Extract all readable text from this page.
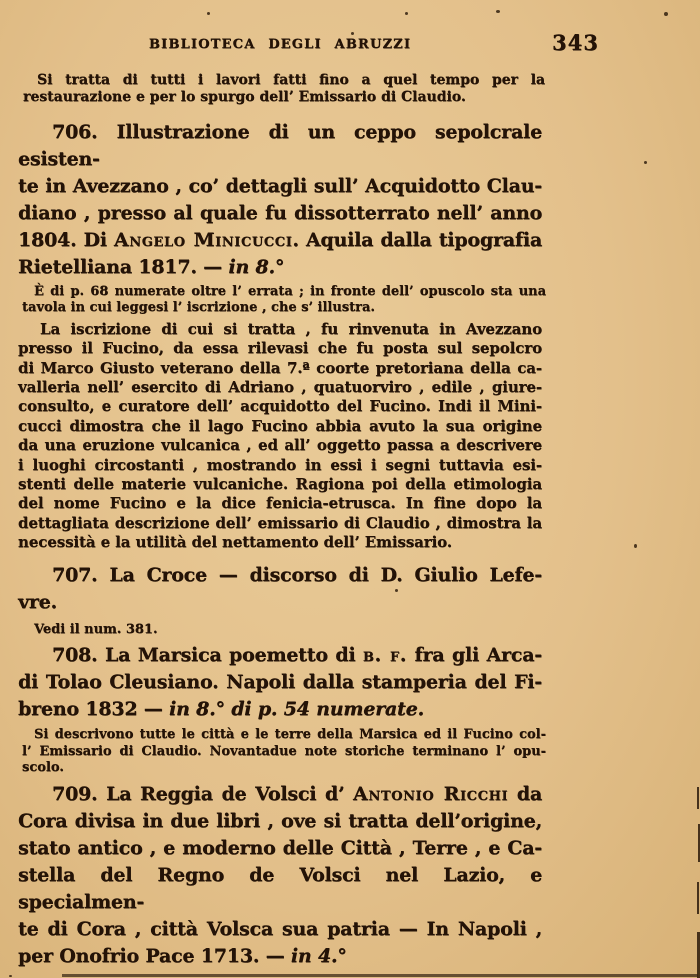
BIBLIOTECA DEGLI ABRUZZI	343
Si tratta di tutti i lavori fatti fino a quel tempo per la
restaurazione e per lo spurgo dell’ Emissario di Claudio.
706. Illustrazione di un ceppo sepolcrale esisten-
te in Avezzano , co’ dettagli sull’ Acquidotto Clau-
diano , presso al quale fu dissotterrato nell’ anno
1804. Di Angelo Minicucci. Aquila dalla tipografia
Rietelliana 1817. — in 8.°
È di p. 68 numerate oltre l’ errata ; in fronte dell’ opuscolo sta una
tavola in cui leggesi l’ iscrizione , che s’ illustra.
La iscrizione di cui si tratta , fu rinvenuta in Avezzano
presso il Fucino, da essa rilevasi che fu posta sul sepolcro
di Marco Giusto veterano della 7.ª coorte pretoriana della ca-
valleria nell’ esercito di Adriano , quatuorviro , edile , giure-
consulto, e curatore dell’ acquidotto del Fucino. Indi il Mini-
cucci dimostra che il lago Fucino abbia avuto la sua origine
da una eruzione vulcanica , ed all’ oggetto passa a descrivere
i luoghi circostanti , mostrando in essi i segni tuttavia esi-
stenti delle materie vulcaniche. Ragiona poi della etimologia
del nome Fucino e la dice fenicia-etrusca. In fine dopo la
dettagliata descrizione dell’ emissario di Claudio , dimostra la
necessità e la utilità del nettamento dell’ Emissario.
707. La Croce — discorso di D. Giulio Lefe-
vre.
Vedi il num. 381.
708. La Marsica poemetto di b. f. fra gli Arca-
di Tolao Cleusiano. Napoli dalla stamperia del Fi-
breno 1832 — in 8.° di p. 54 numerate.
Si descrivono tutte le città e le terre della Marsica ed il Fucino col-
l’ Emissario di Claudio. Novantadue note storiche terminano l’ opu-
scolo.
709. La Reggia de Volsci d’ Antonio Ricchi da
Cora divisa in due libri , ove si tratta dell’origine,
stato antico , e moderno delle Città , Terre , e Ca-
stella del Regno de Volsci nel Lazio, e specialmen-
te di Cora , città Volsca sua patria — In Napoli ,
per Onofrio Pace 1713. — in 4.°
